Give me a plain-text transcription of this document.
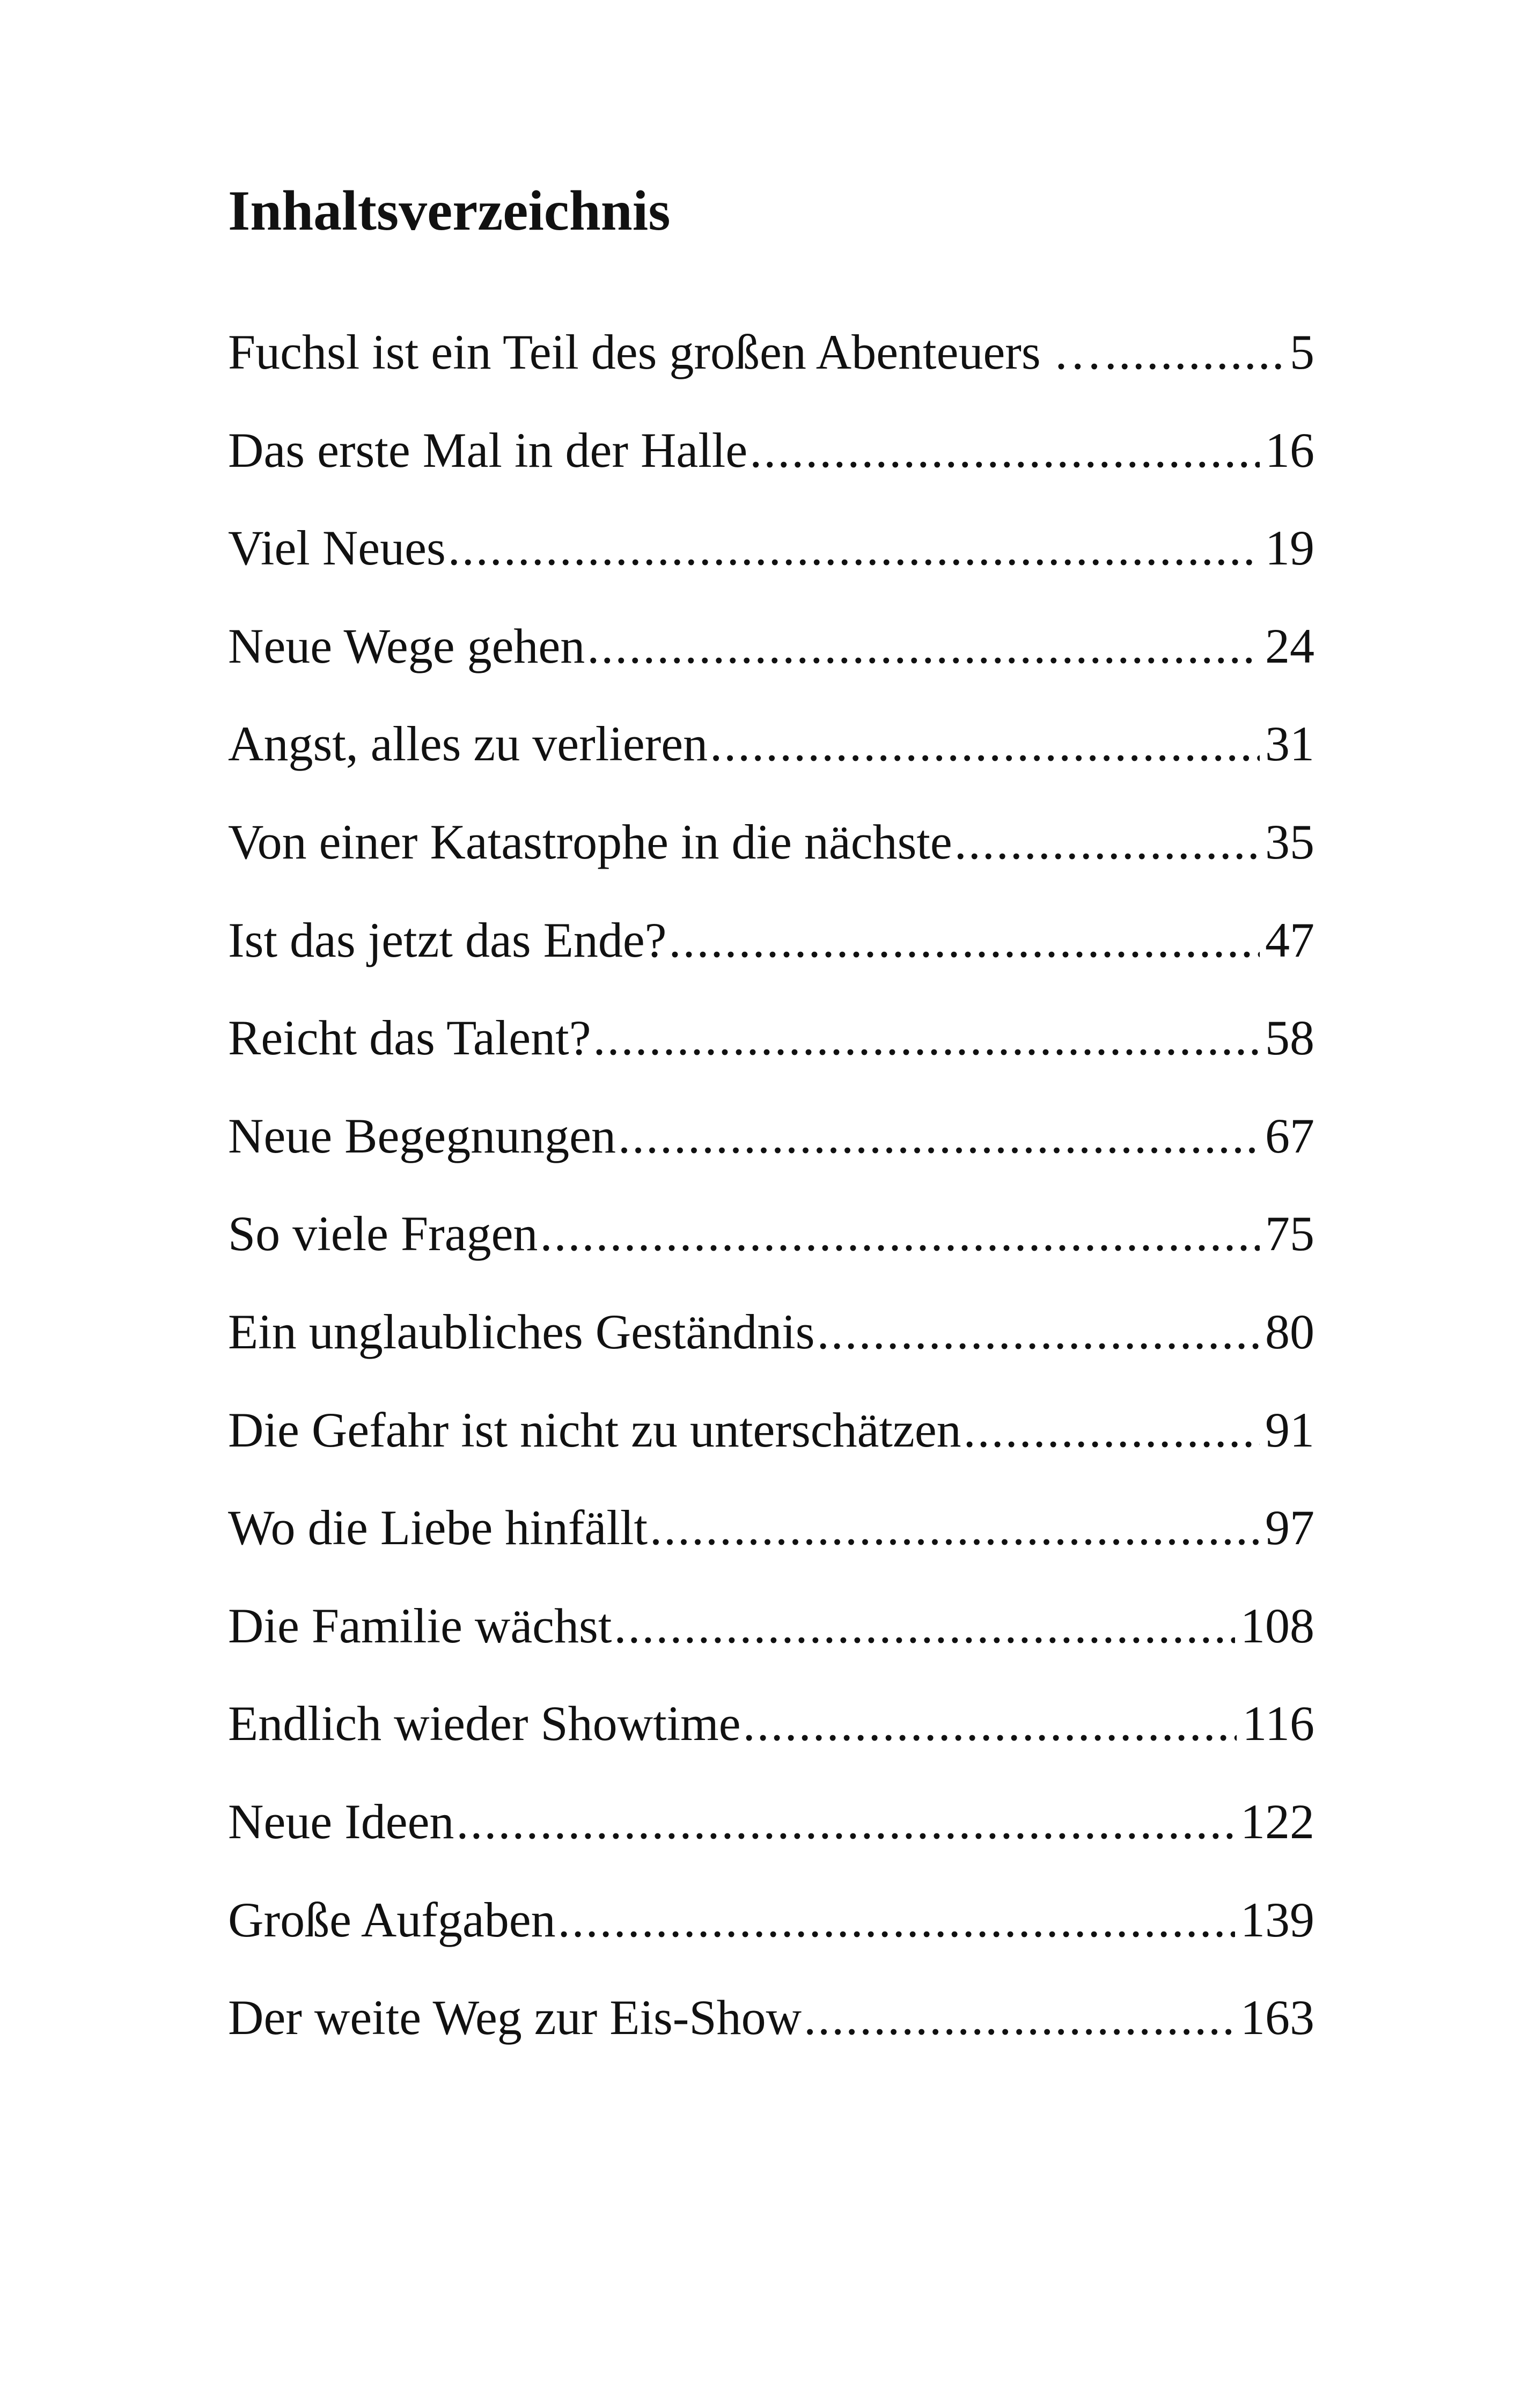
Inhaltsverzeichnis
Fuchsl ist ein Teil des großen Abenteuers … .....	5
Das erste Mal in der Halle .....	16
Viel Neues .....	19
Neue Wege gehen .....	24
Angst, alles zu verlieren .....	31
Von einer Katastrophe in die nächste .....	35
Ist das jetzt das Ende? .....	47
Reicht das Talent? .....	58
Neue Begegnungen .....	67
So viele Fragen .....	75
Ein unglaubliches Geständnis .....	80
Die Gefahr ist nicht zu unterschätzen .....	91
Wo die Liebe hinfällt .....	97
Die Familie wächst .....	108
Endlich wieder Showtime .....	116
Neue Ideen .....	122
Große Aufgaben .....	139
Der weite Weg zur Eis-Show .....	163
